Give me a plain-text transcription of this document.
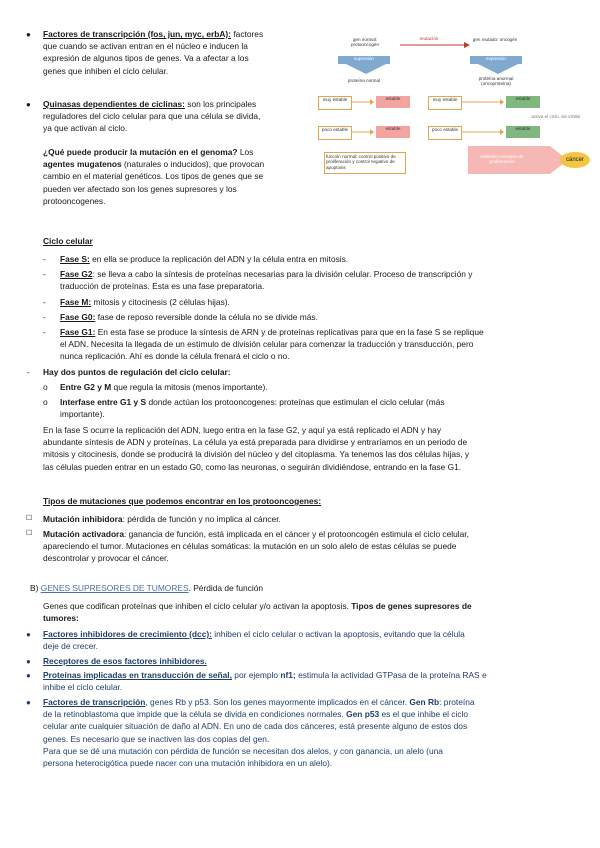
● Factores de transcripción (fos, jun, myc, erbA): factores
que cuando se activan entran en el núcleo e inducen la
expresión de algunos tipos de genes. Va a afectar a los
genes que inhiben el ciclo celular.
● Quinasas dependientes de ciclinas: son los principales
reguladores del ciclo celular para que una célula se divida,
ya que activan al ciclo.
¿Qué puede producir la mutación en el genoma? Los
agentes mugatenos (naturales o inducidos), que provocan
cambio en el material genéticos. Los tipos de genes que se
pueden ver afectado son los genes supresores y los
protooncogenes.
gen normal: protooncogén
mutación	gen mutado: oncogén
supresión	expresión
proteína normal	proteína anormal (oncoproteína)
muy estable	estable	muy estable	estable
poco estable	estable	poco estable	estable
función normal: control positivo de proliferación y control negativo de apoptosis
activa el ciclo, sin inhibir
estímulo excesivo de proliferación	cáncer
Ciclo celular
- Fase S: en ella se produce la replicación del ADN y la célula entra en mitosis.
- Fase G2: se lleva a cabo la síntesis de proteínas necesarias para la división celular. Proceso de transcripción y
traducción de proteínas. Esta es una fase preparatoria.
- Fase M: mitosis y citocinesis (2 células hijas).
- Fase G0: fase de reposo reversible donde la célula no se divide más.
- Fase G1: En esta fase se produce la síntesis de ARN y de proteínas replicativas para que en la fase S se replique
el ADN. Necesita la llegada de un estímulo de división celular para comenzar la traducción y transducción, pero
nunca replicación. Ahí es donde la célula frenará el ciclo o no.
- Hay dos puntos de regulación del ciclo celular:
o Entre G2 y M que regula la mitosis (menos importante).
o Interfase entre G1 y S donde actúan los protooncogenes: proteínas que estimulan el ciclo celular (más
importante).
En la fase S ocurre la replicación del ADN, luego entra en la fase G2, y aquí ya está replicado el ADN y hay
abundante síntesis de ADN y proteínas. La célula ya está preparada para dividirse y entraríamos en un periodo de
mitosis y citocinesis, donde se producirá la división del núcleo y del citoplasma. Ya tenemos las dos células hijas, y
las células pueden entrar en un estado G0, como las neuronas, o seguirán dividiéndose, entrando en la fase G1.
Tipos de mutaciones que podemos encontrar en los protooncogenes:
☐ Mutación inhibidora: pérdida de función y no implica al cáncer.
☐ Mutación activadora: ganancia de función, está implicada en el cáncer y el protooncogén estimula el ciclo celular,
apareciendo el tumor. Mutaciones en células somáticas: la mutación en un solo alelo de estas células se puede
descontrolar y provocar el cáncer.
B) GENES SUPRESORES DE TUMORES. Pérdida de función
Genes que codifican proteínas que inhiben el ciclo celular y/o activan la apoptosis. Tipos de genes supresores de
tumores:
● Factores inhibidores de crecimiento (dcc): inhiben el ciclo celular o activan la apoptosis, evitando que la célula
deje de crecer.
● Receptores de esos factores inhibidores.
● Proteínas implicadas en transducción de señal, por ejemplo nf1; estimula la actividad GTPasa de la proteína RAS e
inhibe el ciclo celular.
● Factores de transcripción, genes Rb y p53. Son los genes mayormente implicados en el cáncer. Gen Rb: proteína
de la retinoblastoma que impide que la célula se divida en condiciones normales. Gen p53 es el que inhibe el ciclo
celular ante cualquier situación de daño al ADN. En uno de cada dos cánceres, está presente alguno de estos dos
genes. Es necesario que se inactiven las dos copias del gen.
Para que se dé una mutación con pérdida de función se necesitan dos alelos, y con ganancia, un alelo (una
persona heterocigótica puede nacer con una mutación inhibidora en un alelo).
